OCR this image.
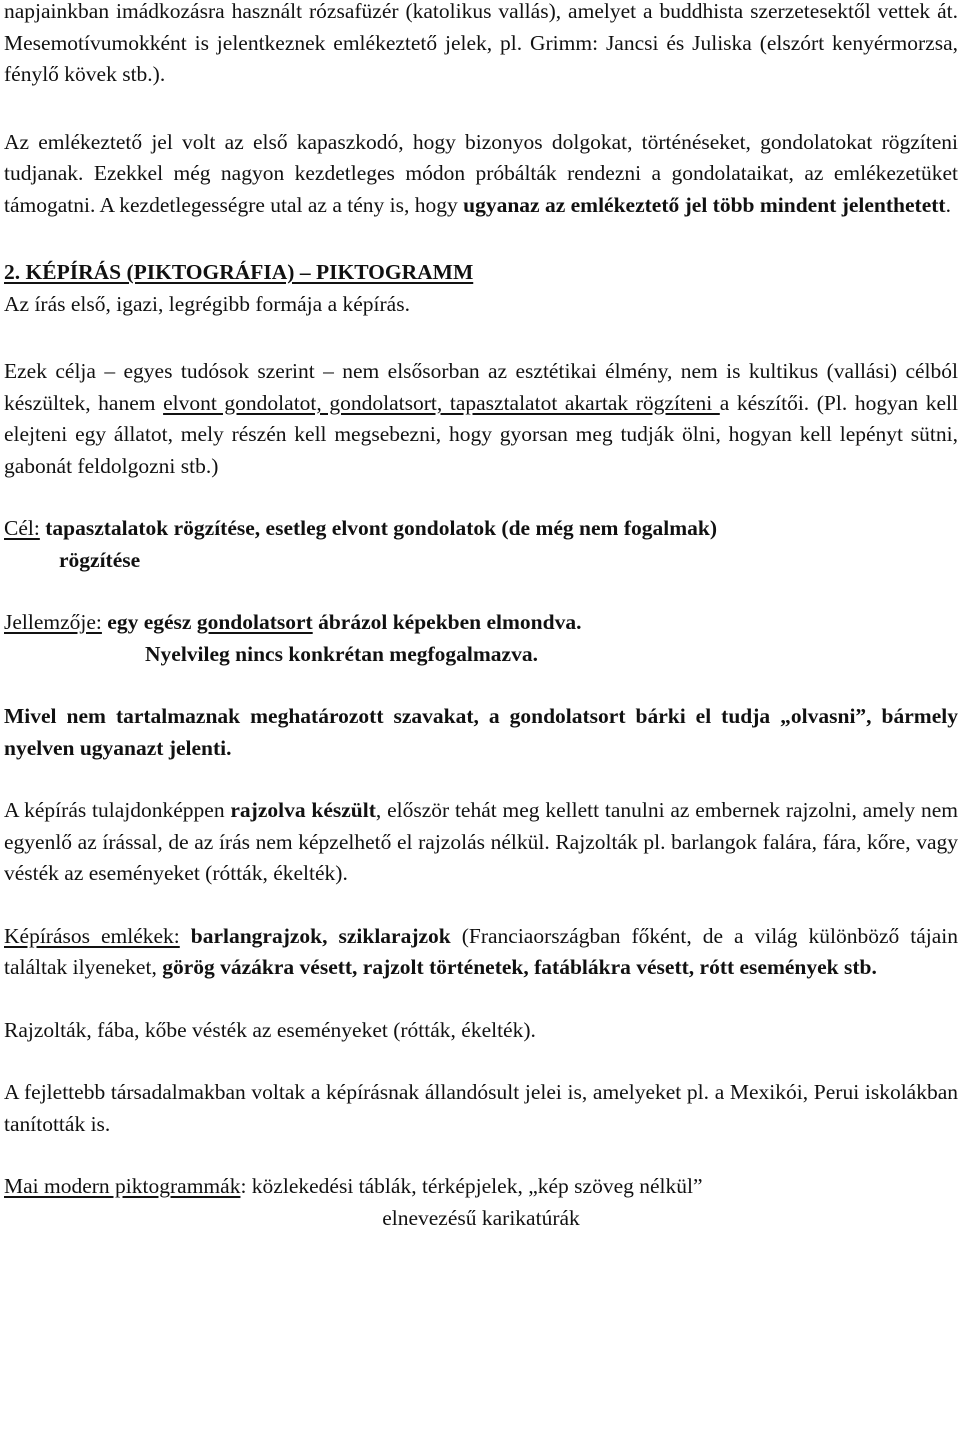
napjainkban imádkozásra használt rózsafüzér (katolikus vallás), amelyet a buddhista szerzetesektől vettek át. Mesemotívumokként is jelentkeznek emlékeztető jelek, pl. Grimm: Jancsi és Juliska (elszórt kenyérmorzsa, fénylő kövek stb.).

Az emlékeztető jel volt az első kapaszkodó, hogy bizonyos dolgokat, történéseket, gondolatokat rögzíteni tudjanak. Ezekkel még nagyon kezdetleges módon próbálták rendezni a gondolataikat, az emlékezetüket támogatni. A kezdetlegességre utal az a tény is, hogy ugyanaz az emlékeztető jel több mindent jelenthetett.

2. KÉPÍRÁS (PIKTOGRÁFIA) – PIKTOGRAMM

Az írás első, igazi, legrégibb formája a képírás.

Ezek célja – egyes tudósok szerint – nem elsősorban az esztétikai élmény, nem is kultikus (vallási) célból készültek, hanem elvont gondolatot, gondolatsort, tapasztalatot akartak rögzíteni a készítői. (Pl. hogyan kell elejteni egy állatot, mely részén kell megsebezni, hogy gyorsan meg tudják ölni, hogyan kell lepényt sütni, gabonát feldolgozni stb.)

Cél: tapasztalatok rögzítése, esetleg elvont gondolatok (de még nem fogalmak)

rögzítése

Jellemzője: egy egész gondolatsort ábrázol képekben elmondva.

Nyelvileg nincs konkrétan megfogalmazva.

Mivel nem tartalmaznak meghatározott szavakat, a gondolatsort bárki el tudja „olvasni”, bármely nyelven ugyanazt jelenti.

A képírás tulajdonképpen rajzolva készült, először tehát meg kellett tanulni az embernek rajzolni, amely nem egyenlő az írással, de az írás nem képzelhető el rajzolás nélkül. Rajzolták pl. barlangok falára, fára, kőre, vagy vésték az eseményeket (rótták, ékelték).

Képírásos emlékek: barlangrajzok, sziklarajzok (Franciaországban főként, de a világ különböző tájain találtak ilyeneket, görög vázákra vésett, rajzolt történetek, fatáblákra vésett, rótt események stb.

Rajzolták, fába, kőbe vésték az eseményeket (rótták, ékelték).

A fejlettebb társadalmakban voltak a képírásnak állandósult jelei is, amelyeket pl. a Mexikói, Perui iskolákban tanították is.

Mai modern piktogrammák: közlekedési táblák, térképjelek, „kép szöveg nélkül”

elnevezésű karikatúrák
